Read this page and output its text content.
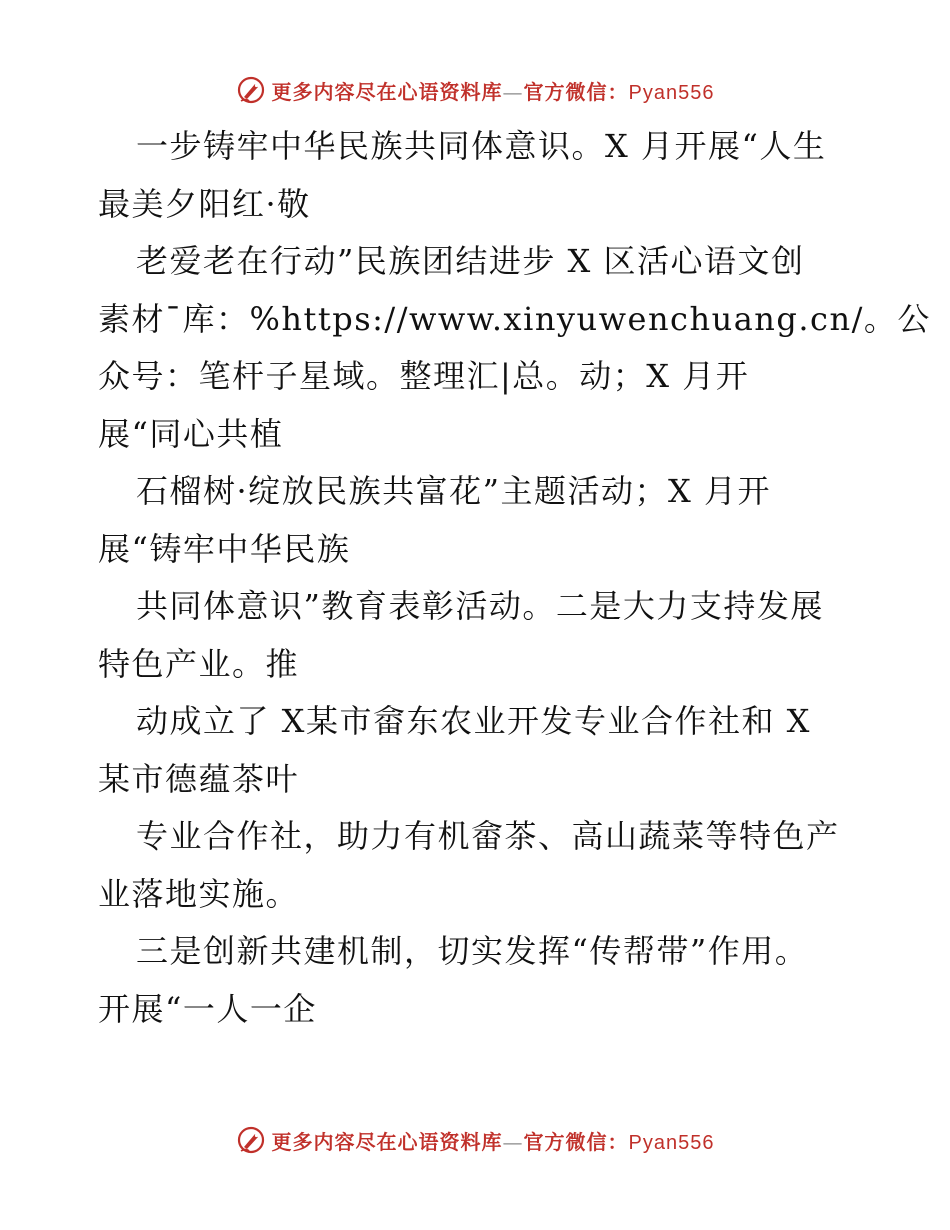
更多内容尽在心语资料库—官方微信：Pyan556
一步铸牢中华民族共同体意识。X 月开展“人生
最美夕阳红·敬
老爱老在行动”民族团结进步 X 区活心语文创
素材¯库：%https://www.xinyuwenchuang.cn/。公
众号：笔杆子星域。整理汇|总。动；X 月开
展“同心共植
石榴树·绽放民族共富花”主题活动；X 月开
展“铸牢中华民族
共同体意识”教育表彰活动。二是大力支持发展
特色产业。推
动成立了 X某市畲东农业开发专业合作社和 X
某市德蕴茶叶
专业合作社，助力有机畲茶、高山蔬菜等特色产
业落地实施。
三是创新共建机制，切实发挥“传帮带”作用。
开展“一人一企
更多内容尽在心语资料库—官方微信：Pyan556
